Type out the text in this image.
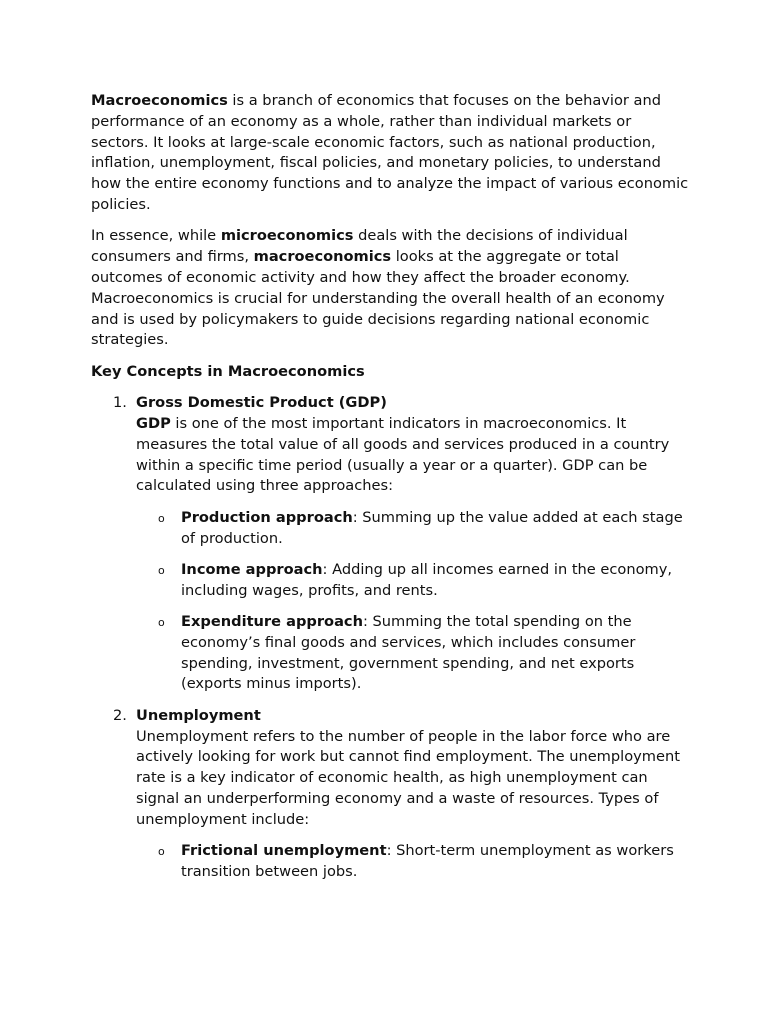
Macroeconomics is a branch of economics that focuses on the behavior and performance of an economy as a whole, rather than individual markets or sectors. It looks at large-scale economic factors, such as national production, inflation, unemployment, fiscal policies, and monetary policies, to understand how the entire economy functions and to analyze the impact of various economic policies.

In essence, while microeconomics deals with the decisions of individual consumers and firms, macroeconomics looks at the aggregate or total outcomes of economic activity and how they affect the broader economy. Macroeconomics is crucial for understanding the overall health of an economy and is used by policymakers to guide decisions regarding national economic strategies.

Key Concepts in Macroeconomics
1. Gross Domestic Product (GDP)
GDP is one of the most important indicators in macroeconomics. It measures the total value of all goods and services produced in a country within a specific time period (usually a year or a quarter). GDP can be calculated using three approaches:
o Production approach: Summing up the value added at each stage of production.
o Income approach: Adding up all incomes earned in the economy, including wages, profits, and rents.
o Expenditure approach: Summing the total spending on the economy’s final goods and services, which includes consumer spending, investment, government spending, and net exports (exports minus imports).
2. Unemployment
Unemployment refers to the number of people in the labor force who are actively looking for work but cannot find employment. The unemployment rate is a key indicator of economic health, as high unemployment can signal an underperforming economy and a waste of resources. Types of unemployment include:
o Frictional unemployment: Short-term unemployment as workers transition between jobs.
